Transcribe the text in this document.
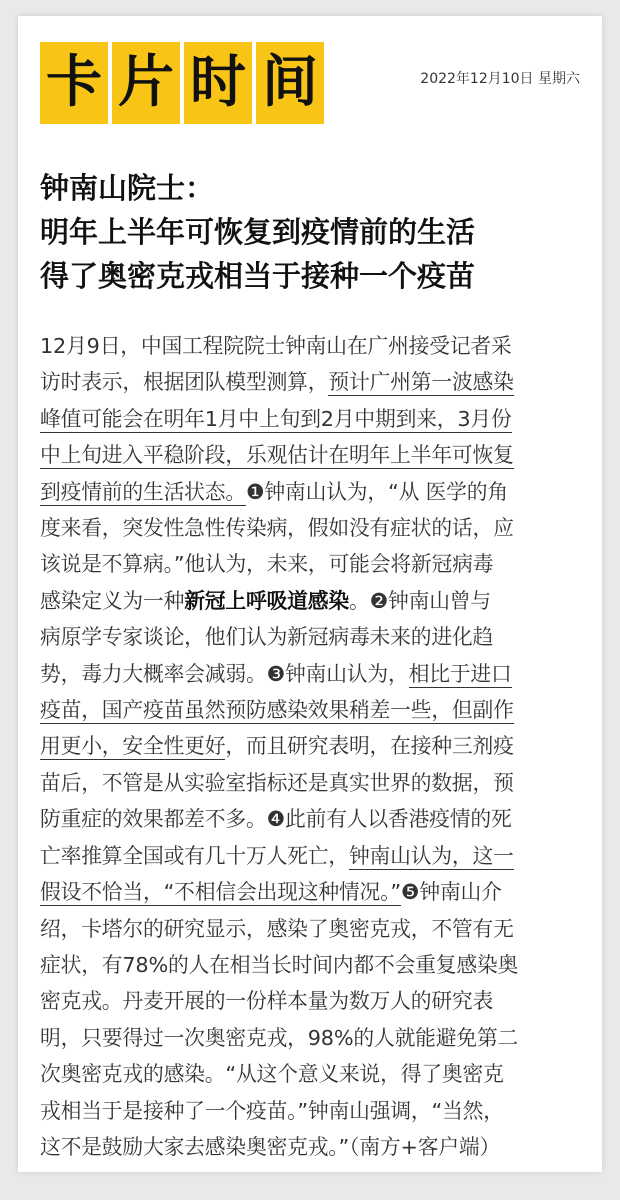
卡 片 时 间	2022年12月10日 星期六
钟南山院士：
明年上半年可恢复到疫情前的生活
得了奥密克戎相当于接种一个疫苗
12月9日，中国工程院院士钟南山在广州接受记者采
访时表示，根据团队模型测算，预计广州第一波感染
峰值可能会在明年1月中上旬到2月中期到来，3月份
中上旬进入平稳阶段，乐观估计在明年上半年可恢复
到疫情前的生活状态。❶钟南山认为，“从 医学的角
度来看，突发性急性传染病，假如没有症状的话，应
该说是不算病。”他认为，未来，可能会将新冠病毒
感染定义为一种新冠上呼吸道感染。❷钟南山曾与
病原学专家谈论，他们认为新冠病毒未来的进化趋
势，毒力大概率会减弱。❸钟南山认为，相比于进口
疫苗，国产疫苗虽然预防感染效果稍差一些，但副作
用更小，安全性更好，而且研究表明，在接种三剂疫
苗后，不管是从实验室指标还是真实世界的数据，预
防重症的效果都差不多。❹此前有人以香港疫情的死
亡率推算全国或有几十万人死亡，钟南山认为，这一
假设不恰当，“不相信会出现这种情况。”❺钟南山介
绍，卡塔尔的研究显示，感染了奥密克戎，不管有无
症状，有78%的人在相当长时间内都不会重复感染奥
密克戎。丹麦开展的一份样本量为数万人的研究表
明，只要得过一次奥密克戎，98%的人就能避免第二
次奥密克戎的感染。“从这个意义来说，得了奥密克
戎相当于是接种了一个疫苗。”钟南山强调，“当然，
这不是鼓励大家去感染奥密克戎。”（南方+客户端）
